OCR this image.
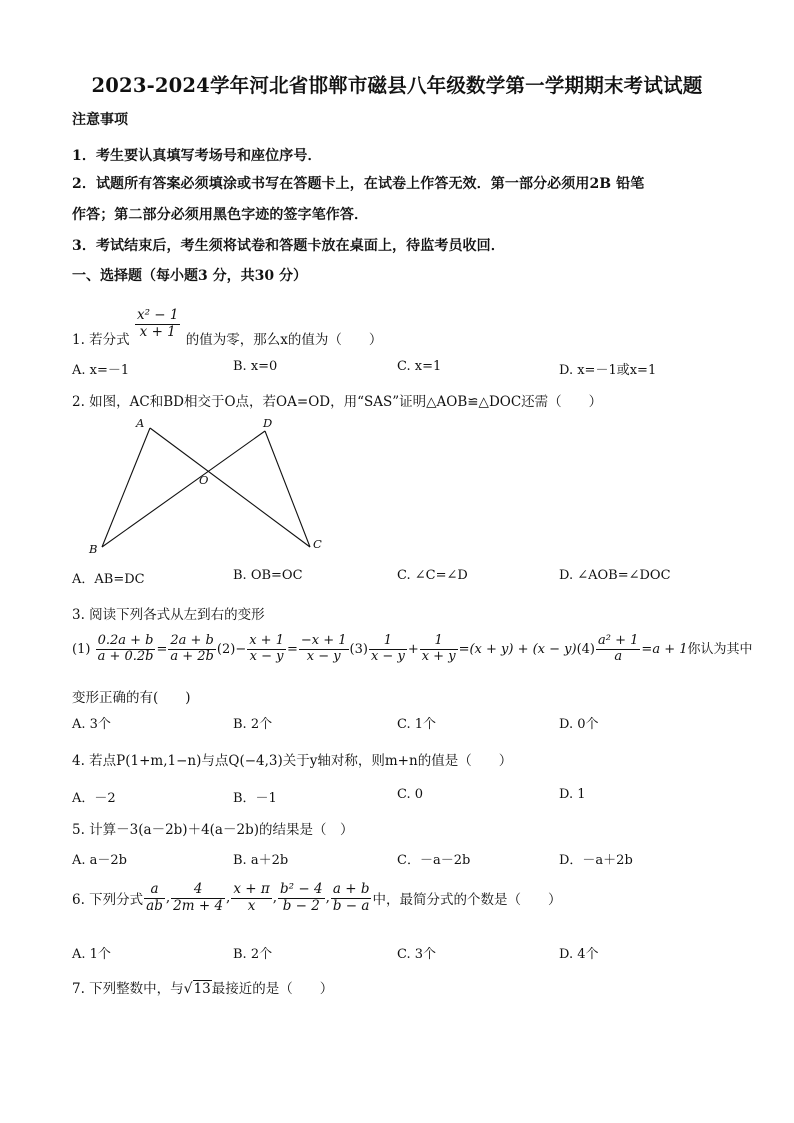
2023-2024学年河北省邯郸市磁县八年级数学第一学期期末考试试题
注意事项
1．考生要认真填写考场号和座位序号．
2．试题所有答案必须填涂或书写在答题卡上，在试卷上作答无效．第一部分必须用2B 铅笔
作答；第二部分必须用黑色字迹的签字笔作答．
3．考试结束后，考生须将试卷和答题卡放在桌面上，待监考员收回．
一、选择题（每小题3 分，共30 分）
1. 若分式 $\frac{\text{x² − 1}}{x + 1}$ 的值为零，那么x的值为（　　）
A. x=－1	B. x=0	C. x=1	D. x=－1或x=1
2. 如图，AC和BD相交于O点，若OA=OD，用“SAS”证明△AOB≌△DOC还需（　　）
A	D
O
B	C
A．AB=DC	B. OB=OC	C. ∠C=∠D	D. ∠AOB=∠DOC
3. 阅读下列各式从左到右的变形
$(1) \frac{0.2a + b}{a + 0.2b} = \frac{2a + b}{a + 2b} (2)- \frac{x + 1}{x - y} = \frac{-x + 1}{x - y} (3) \frac{1}{x - y} + \frac{1}{x + y} =(x + y) + (x - y)(4) \frac{\text{a² + 1}}{a} =a + 1$你认为其中
变形正确的有(　　)
A. 3个	B. 2个	C. 1个	D. 0个
4. 若点P(1+m,1−n)与点Q(−4,3)关于y轴对称，则m+n的值是（　　）
A．－2	B．－1	C. 0	D. 1
5. 计算－3(a－2b)＋4(a－2b)的结果是（　）
A. a－2b	B. a＋2b	C．－a－2b	D．－a＋2b
6. 下列分式 $\frac{a}{ab}$ , $\frac{4}{2m + 4}$ , $\frac{x + \pi}{x}$ , $\frac{\text{b² − 4}}{b - 2}$ , $\frac{a + b}{b - a}$ 中，最简分式的个数是（　　）
A. 1个	B. 2个	C. 3个	D. 4个
7. 下列整数中，与√13最接近的是（　　）
